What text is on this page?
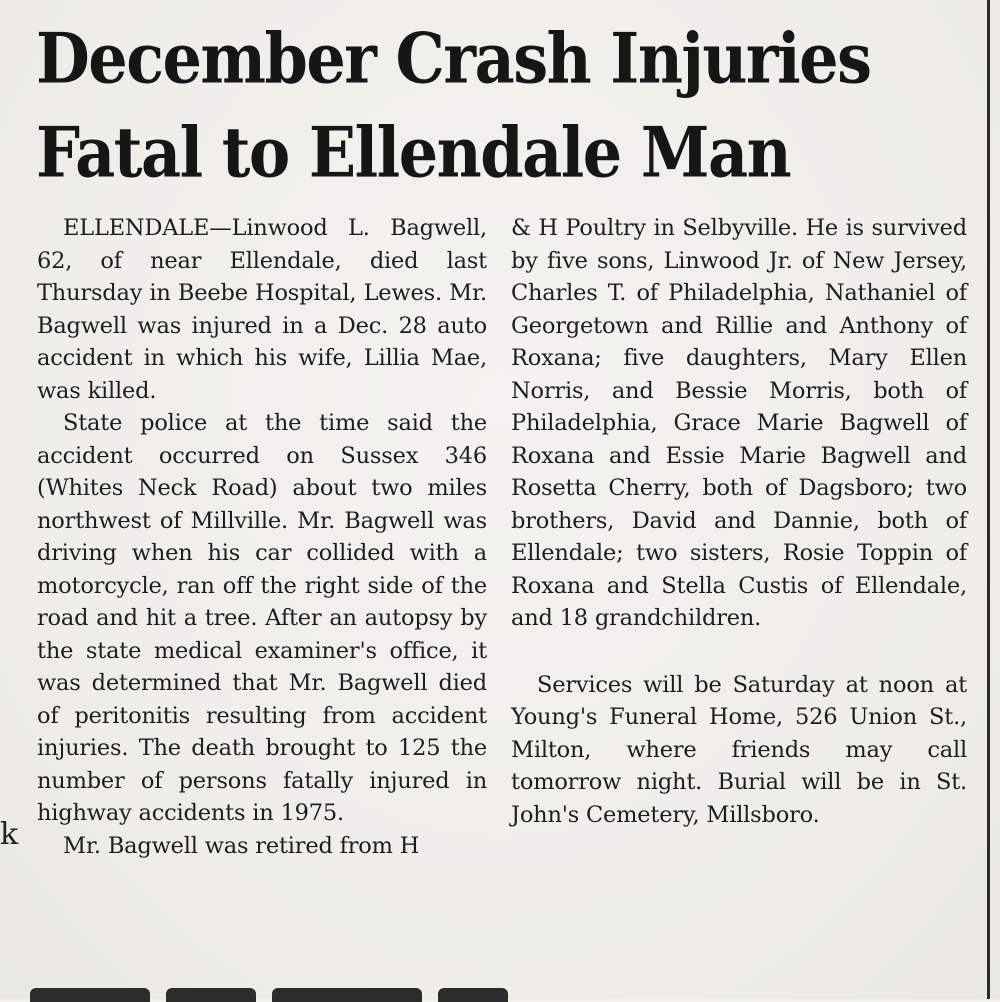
k
December Crash Injuries
Fatal to Ellendale Man

ELLENDALE—Linwood L. Bagwell, 62, of near Ellendale, died last Thursday in Beebe Hospital, Lewes. Mr. Bagwell was injured in a Dec. 28 auto accident in which his wife, Lillia Mae, was killed.

State police at the time said the accident occurred on Sussex 346 (Whites Neck Road) about two miles northwest of Millville. Mr. Bagwell was driving when his car collided with a motorcycle, ran off the right side of the road and hit a tree. After an autopsy by the state medical examiner's office, it was determined that Mr. Bagwell died of peritonitis resulting from accident injuries. The death brought to 125 the number of persons fatally injured in highway accidents in 1975.

Mr. Bagwell was retired from H

& H Poultry in Selbyville. He is survived by five sons, Linwood Jr. of New Jersey, Charles T. of Philadelphia, Nathaniel of Georgetown and Rillie and Anthony of Roxana; five daughters, Mary Ellen Norris, and Bessie Morris, both of Philadelphia, Grace Marie Bagwell of Roxana and Essie Marie Bagwell and Rosetta Cherry, both of Dagsboro; two brothers, David and Dannie, both of Ellendale; two sisters, Rosie Toppin of Roxana and Stella Custis of Ellendale, and 18 grandchildren.

Services will be Saturday at noon at Young's Funeral Home, 526 Union St., Milton, where friends may call tomorrow night. Burial will be in St. John's Cemetery, Millsboro.
